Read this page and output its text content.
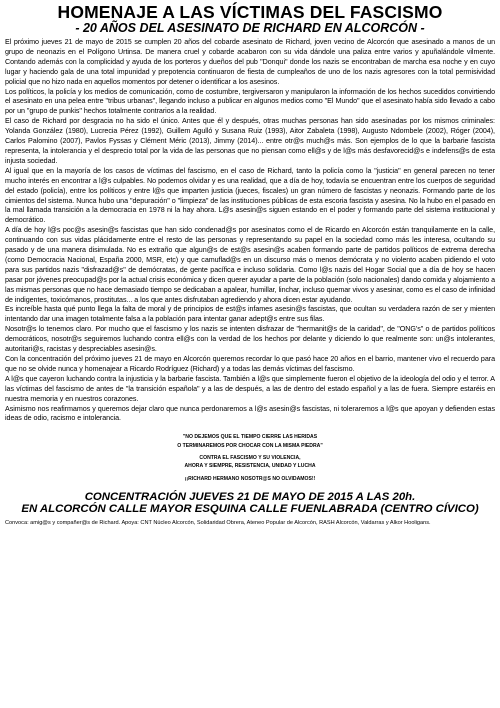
HOMENAJE A LAS VÍCTIMAS DEL FASCISMO
- 20 AÑOS DEL ASESINATO DE RICHARD EN ALCORCÓN -

El próximo jueves 21 de mayo de 2015 se cumplen 20 años del cobarde asesinato de Richard, joven vecino de Alcorcón que asesinado a manos de un grupo de neonazis en el Polígono Urtinsa. De manera cruel y cobarde acabaron con su vida dándole una paliza entre varios y apuñalándole vilmente. Contando además con la complicidad y ayuda de los porteros y dueños del pub "Donqui" donde los nazis se encontraban de marcha esa noche y en cuyo lugar y haciendo gala de una total impunidad y prepotencia continuaron de fiesta de cumpleaños de uno de los nazis agresores con la total permisividad policial que no hizo nada en aquellos momentos por detener o identificar a los asesinos.

Los políticos, la policía y los medios de comunicación, como de costumbre, tergiversaron y manipularon la información de los hechos sucedidos convirtiendo el asesinato en una pelea entre "tribus urbanas", llegando incluso a publicar en algunos medios como "El Mundo" que el asesinato había sido llevado a cabo por un "grupo de punkis" hechos totalmente contrarios a la realidad.

El caso de Richard por desgracia no ha sido el único. Antes que él y después, otras muchas personas han sido asesinadas por los mismos criminales: Yolanda González (1980), Lucrecia Pérez (1992), Guillem Agulló y Susana Ruiz (1993), Aitor Zabaleta (1998), Augusto Ndombele (2002), Róger (2004), Carlos Palomino (2007), Pavlos Fyssas y Clément Méric (2013), Jimmy (2014)... entre otr@s much@s más. Son ejemplos de lo que la barbarie fascista representa, la intolerancia y el desprecio total por la vida de las personas que no piensan como ell@s y de l@s más desfavorecid@s e indefens@s de esta injusta sociedad.

Al igual que en la mayoría de los casos de víctimas del fascismo, en el caso de Richard, tanto la policía como la "justicia" en general parecen no tener mucho interés en encontrar a l@s culpables. No podemos olvidar y es una realidad, que a día de hoy, todavía se encuentran entre los cuerpos de seguridad del estado (policía), entre los políticos y entre l@s que imparten justicia (jueces, fiscales) un gran número de fascistas y neonazis. Formando parte de los cimientos del sistema. Nunca hubo una "depuración" o "limpieza" de las instituciones públicas de esta escoria fascista y asesina. No la hubo en el pasado en la mal llamada transición a la democracia en 1978 ni la hay ahora. L@s asesin@s siguen estando en el poder y formando parte del sistema institucional y democrático.

A día de hoy l@s poc@s asesin@s fascistas que han sido condenad@s por asesinatos como el de Ricardo en Alcorcón están tranquilamente en la calle, continuando con sus vidas plácidamente entre el resto de las personas y representando su papel en la sociedad como más les interesa, ocultando su pasado y de una manera disimulada. No es extraño que algun@s de est@s asesin@s acaben formando parte de partidos políticos de extrema derecha (como Democracia Nacional, España 2000, MSR, etc) y que camuflad@s en un discurso más o menos demócrata y no violento acaben pidiendo el voto para sus partidos nazis "disfrazad@s" de demócratas, de gente pacífica e incluso solidaria. Como l@s nazis del Hogar Social que a día de hoy se hacen pasar por jóvenes preocupad@s por la actual crisis económica y dicen querer ayudar a parte de la población (solo nacionales) dando comida y alojamiento a las mismas personas que no hace demasiado tiempo se dedicaban a apalear, humillar, linchar, incluso quemar vivos y asesinar, como es el caso de infinidad de indigentes, toxicómanos, prostitutas... a los que antes disfrutaban agrediendo y ahora dicen estar ayudando.

Es increíble hasta qué punto llega la falta de moral y de principios de est@s infames asesin@s fascistas, que ocultan su verdadera razón de ser y mienten intentando dar una imagen totalmente falsa a la población para intentar ganar adept@s entre sus filas.

Nosotr@s lo tenemos claro. Por mucho que el fascismo y los nazis se intenten disfrazar de "hermanit@s de la caridad", de "ONG's" o de partidos políticos democráticos, nosotr@s seguiremos luchando contra ell@s con la verdad de los hechos por delante y diciendo lo que realmente son: un@s intolerantes, autoritari@s, racistas y despreciables asesin@s.

Con la concentración del próximo jueves 21 de mayo en Alcorcón queremos recordar lo que pasó hace 20 años en el barrio, mantener vivo el recuerdo para que no se olvide nunca y homenajear a Ricardo Rodríguez (Richard) y a todas las demás víctimas del fascismo.

A l@s que cayeron luchando contra la injusticia y la barbarie fascista. También a l@s que simplemente fueron el objetivo de la ideología del odio y el terror. A las víctimas del fascismo de antes de "la transición española" y a las de después, a las de dentro del estado español y a las de fuera. Siempre estaréis en nuestra memoria y en nuestros corazones.

Asimismo nos reafirmamos y queremos dejar claro que nunca perdonaremos a l@s asesin@s fascistas, ni toleraremos a l@s que apoyan y defienden estas ideas de odio, racismo e intolerancia.

"NO DEJEMOS QUE EL TIEMPO CIERRE LAS HERIDAS

O TERMINAREMOS POR CHOCAR CON LA MISMA PIEDRA"

CONTRA EL FASCISMO Y SU VIOLENCIA,

AHORA Y SIEMPRE, RESISTENCIA, UNIDAD Y LUCHA

¡¡RICHARD HERMANO NOSOTR@S NO OLVIDAMOS!!

CONCENTRACIÓN JUEVES 21 DE MAYO DE 2015 A LAS 20h.
EN ALCORCÓN CALLE MAYOR ESQUINA CALLE FUENLABRADA (CENTRO CÍVICO)
Convoca: amig@s y compañer@s de Richard. Apoya: CNT Núcleo Alcorcón, Solidaridad Obrera, Ateneo Popular de Alcorcón, RASH Alcorcón, Valdarras y Alkor Hooligans.
